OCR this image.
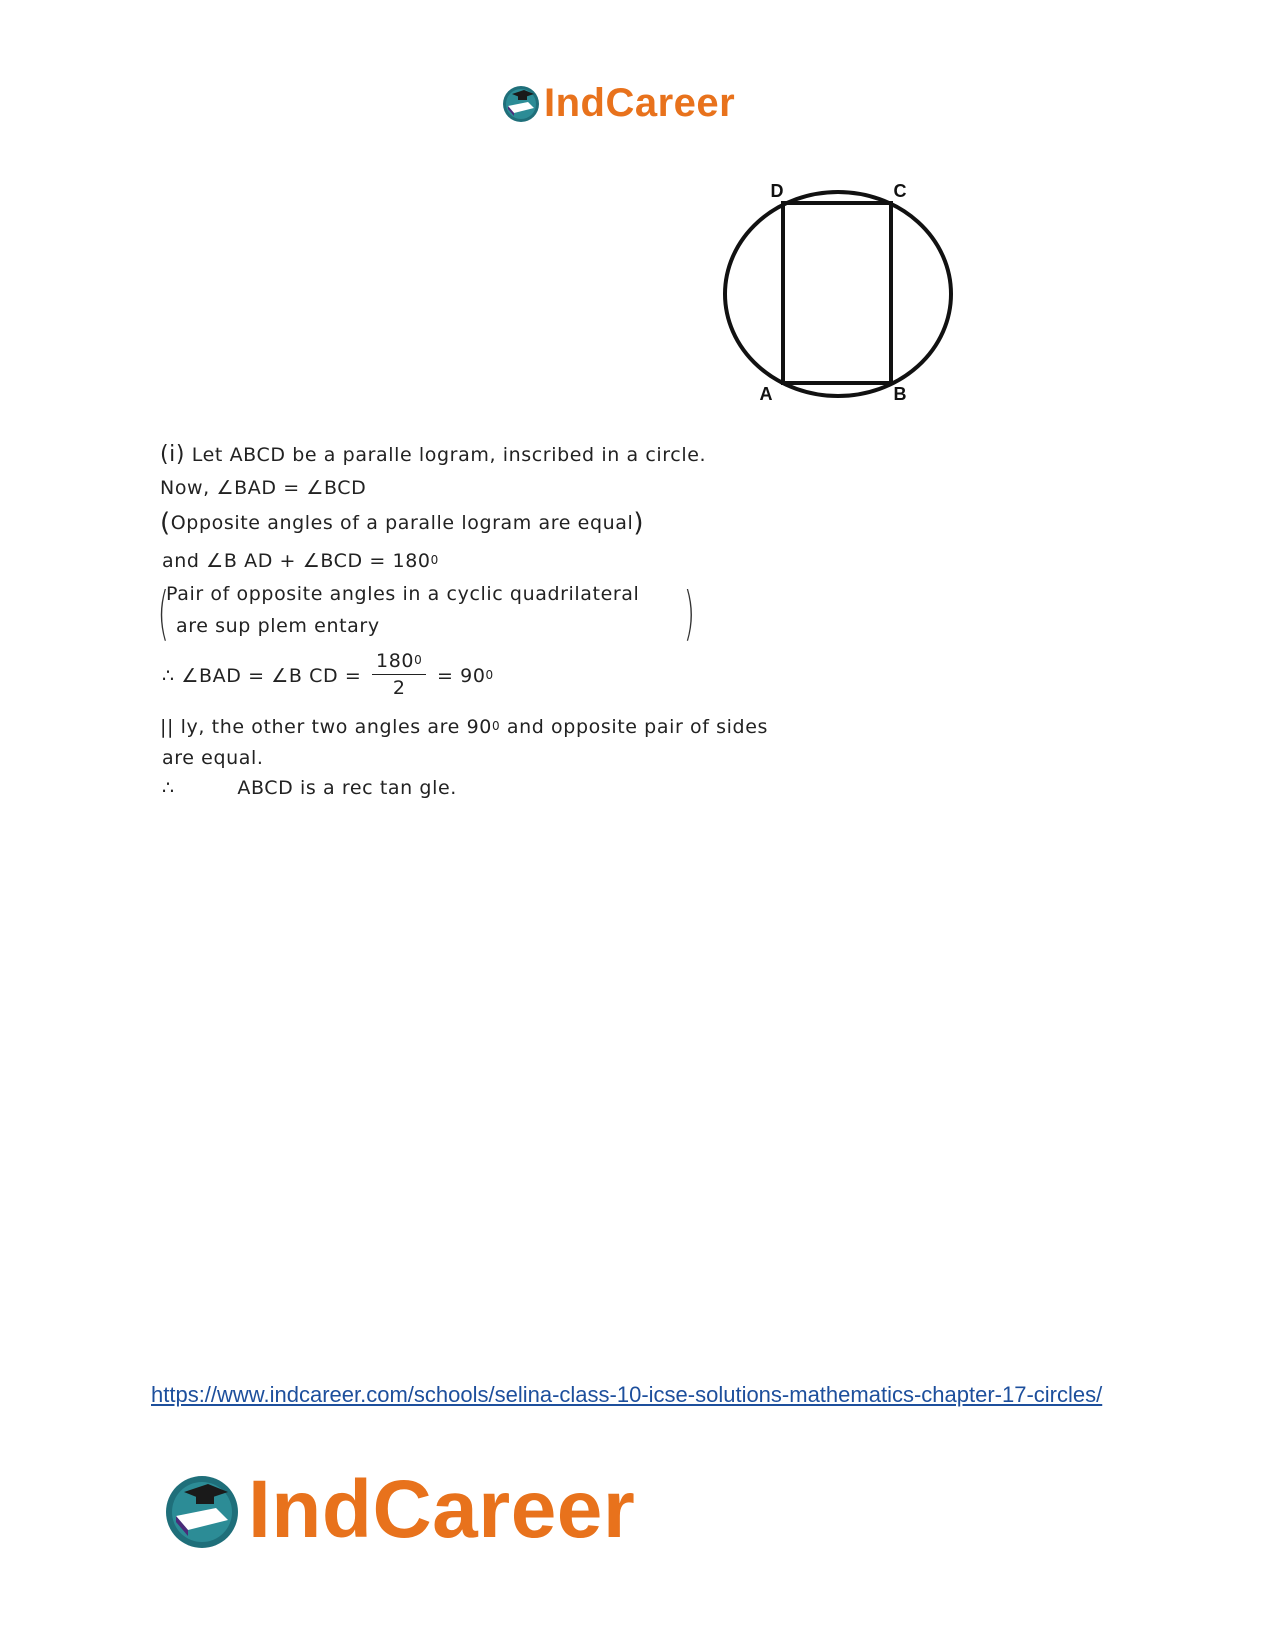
IndCareer
D	C
A	B
(i) Let ABCD be a paralle logram, inscribed in a circle.
Now, ∠BAD = ∠BCD
(Opposite angles of a paralle logram are equal)
and ∠B AD + ∠BCD = $180^0$
(
Pair of opposite angles in a cyclic quadrilateral
are sup plem entary	)
∴ ∠BAD = ∠B CD = $\frac{180^0}{2} = 90^0$
|| ly, the other two angles are $90^0$ and opposite pair of sides
are equal.
∴	ABCD is a rec tan gle.
https://www.indcareer.com/schools/selina-class-10-icse-solutions-mathematics-chapter-17-circles/
IndCareer
